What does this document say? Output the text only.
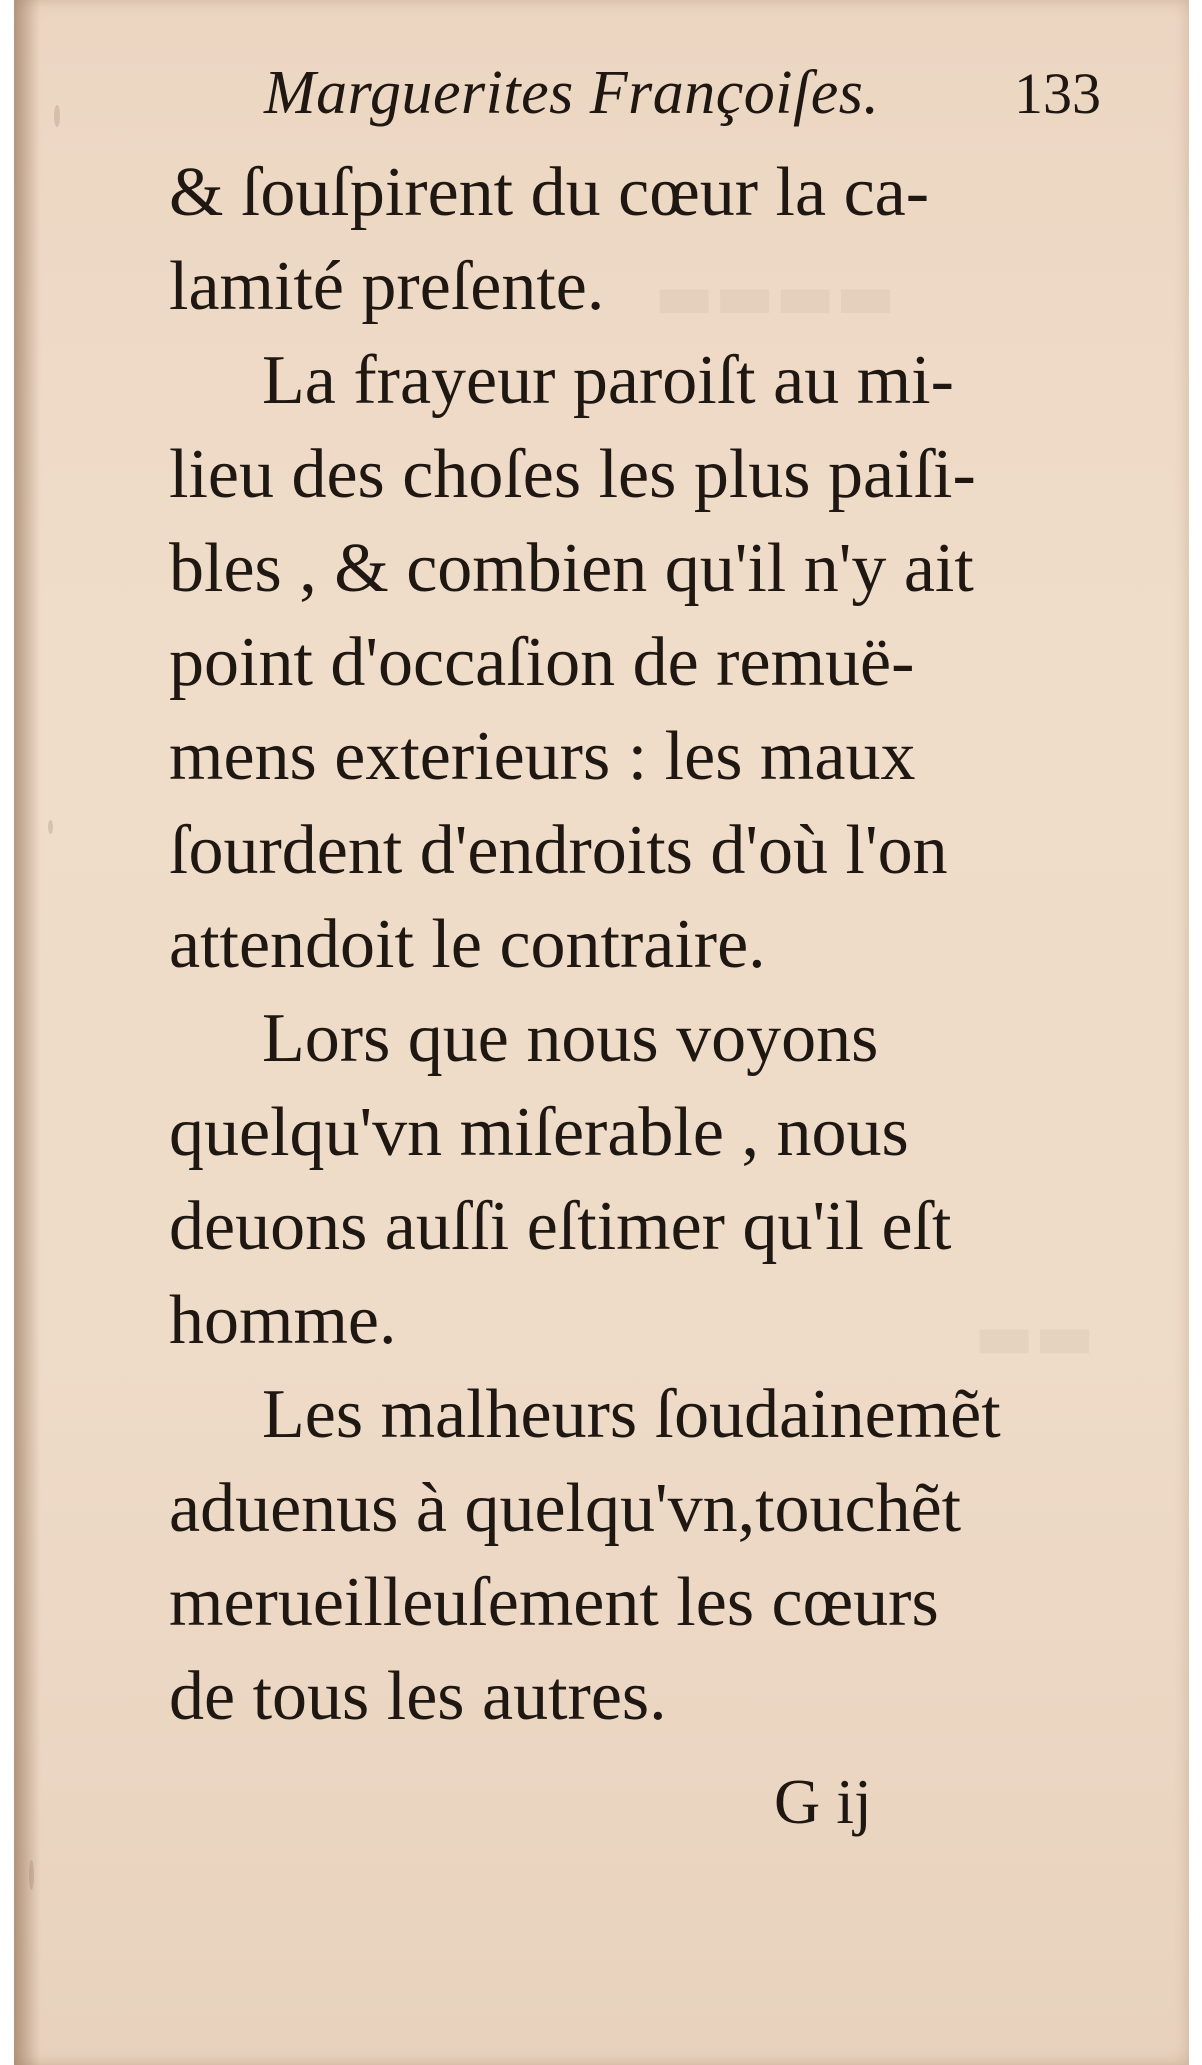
▬▬▬▬
▬▬
Marguerites Françoiſes. 133
& ſouſpirent du cœur la ca-
lamité preſente.
La frayeur paroiſt au mi-
lieu des choſes les plus paiſi-
bles , & combien qu'il n'y ait
point d'occaſion de remuë-
mens exterieurs : les maux
ſourdent d'endroits d'où l'on
attendoit le contraire.
Lors que nous voyons
quelqu'vn miſerable , nous
deuons auſſi eſtimer qu'il eſt
homme.
Les malheurs ſoudainemẽt
aduenus à quelqu'vn,touchẽt
merueilleuſement les cœurs
de tous les autres.
G ij
